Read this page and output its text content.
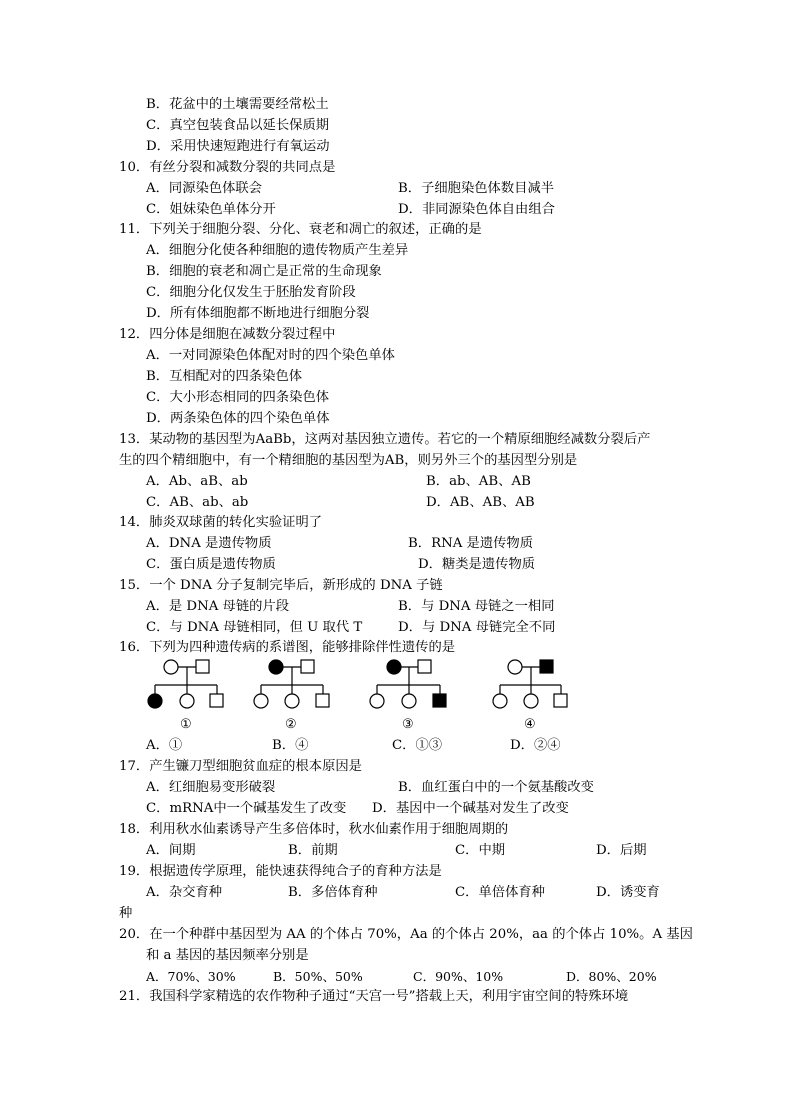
B．花盆中的土壤需要经常松土
C．真空包装食品以延长保质期
D．采用快速短跑进行有氧运动
10．有丝分裂和减数分裂的共同点是
A．同源染色体联会	B．子细胞染色体数目减半
C．姐妹染色单体分开	D．非同源染色体自由组合
11．下列关于细胞分裂、分化、衰老和凋亡的叙述，正确的是
A．细胞分化使各种细胞的遗传物质产生差异
B．细胞的衰老和凋亡是正常的生命现象
C．细胞分化仅发生于胚胎发育阶段
D．所有体细胞都不断地进行细胞分裂
12．四分体是细胞在减数分裂过程中
A．一对同源染色体配对时的四个染色单体
B．互相配对的四条染色体
C．大小形态相同的四条染色体
D．两条染色体的四个染色单体
13．某动物的基因型为AaBb，这两对基因独立遗传。若它的一个精原细胞经减数分裂后产
生的四个精细胞中，有一个精细胞的基因型为AB，则另外三个的基因型分别是
A．Ab、aB、ab	B．ab、AB、AB
C．AB、ab、ab	D．AB、AB、AB
14．肺炎双球菌的转化实验证明了
A．DNA 是遗传物质	B．RNA 是遗传物质
C．蛋白质是遗传物质	D．糖类是遗传物质
15．一个 DNA 分子复制完毕后，新形成的 DNA 子链
A．是 DNA 母链的片段	B．与 DNA 母链之一相同
C．与 DNA 母链相同，但 U 取代 T	D．与 DNA 母链完全不同
16．下列为四种遗传病的系谱图，能够排除伴性遗传的是
①	②	③	④
A．①	B．④	C．①③	D．②④
17．产生镰刀型细胞贫血症的根本原因是
A．红细胞易变形破裂	B．血红蛋白中的一个氨基酸改变
C．mRNA中一个碱基发生了改变 D．基因中一个碱基对发生了改变
18．利用秋水仙素诱导产生多倍体时，秋水仙素作用于细胞周期的
A．间期	B．前期	C．中期	D．后期
19．根据遗传学原理，能快速获得纯合子的育种方法是
A．杂交育种	B．多倍体育种	C．单倍体育种	D．诱变育
种
20．在一个种群中基因型为 AA 的个体占 70%，Aa 的个体占 20%，aa 的个体占 10%。A 基因
和 a 基因的基因频率分别是
A．70%、30%	B．50%、50%	C．90%、10%	D．80%、20%
21．我国科学家精选的农作物种子通过“天宫一号”搭载上天，利用宇宙空间的特殊环境
